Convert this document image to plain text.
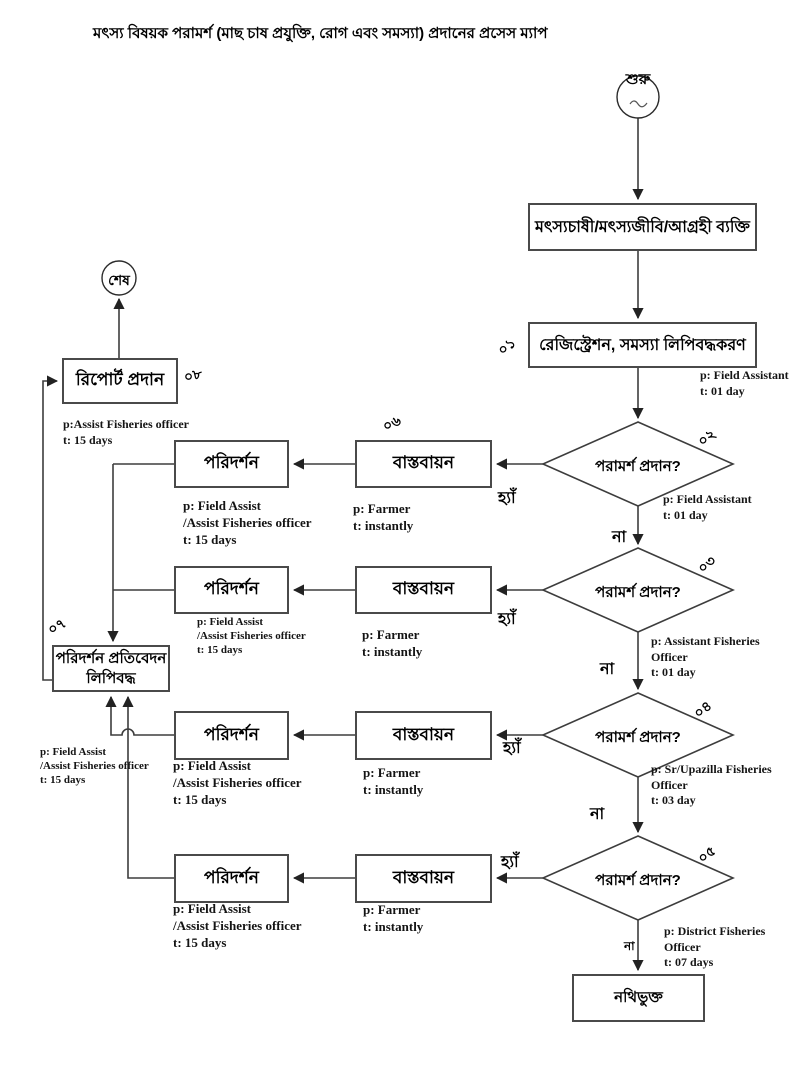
মৎস্য বিষয়ক পরামর্শ (মাছ চাষ প্রযুক্তি, রোগ এবং সমস্যা) প্রদানের প্রসেস ম্যাপ
শুরু
শেষ
মৎস্যচাষী/মৎস্যজীবি/আগ্রহী ব্যক্তি
রেজিস্ট্রেশন, সমস্যা লিপিবদ্ধকরণ
পরামর্শ প্রদান?
পরামর্শ প্রদান?
পরামর্শ প্রদান?
পরামর্শ প্রদান?
বাস্তবায়ন
বাস্তবায়ন
বাস্তবায়ন
বাস্তবায়ন
পরিদর্শন
পরিদর্শন
পরিদর্শন
পরিদর্শন
রিপোর্ট প্রদান
পরিদর্শন প্রতিবেদন
লিপিবদ্ধ
নথিভুক্ত
০১
০২
০৩
০৪
০৫
০৬
০৭
০৮
হ্যাঁ
হ্যাঁ
হ্যাঁ
হ্যাঁ
না
না
না
না
p: Field Assistant
t: 01 day
p: Field Assistant
t: 01 day
p: Field Assist
/Assist Fisheries officer
t: 15 days
p: Farmer
t: instantly
p:Assist Fisheries officer
t: 15 days
p: Assistant Fisheries
Officer
t: 01 day
p: Field Assist
/Assist Fisheries officer
t: 15 days
p: Farmer
t: instantly
p: Field Assist
/Assist Fisheries officer
t: 15 days
p: Sr/Upazilla Fisheries
Officer
t: 03 day
p: Field Assist
/Assist Fisheries officer
t: 15 days
p: Farmer
t: instantly
p: District Fisheries
Officer
t: 07 days
p: Field Assist
/Assist Fisheries officer
t: 15 days
p: Farmer
t: instantly
